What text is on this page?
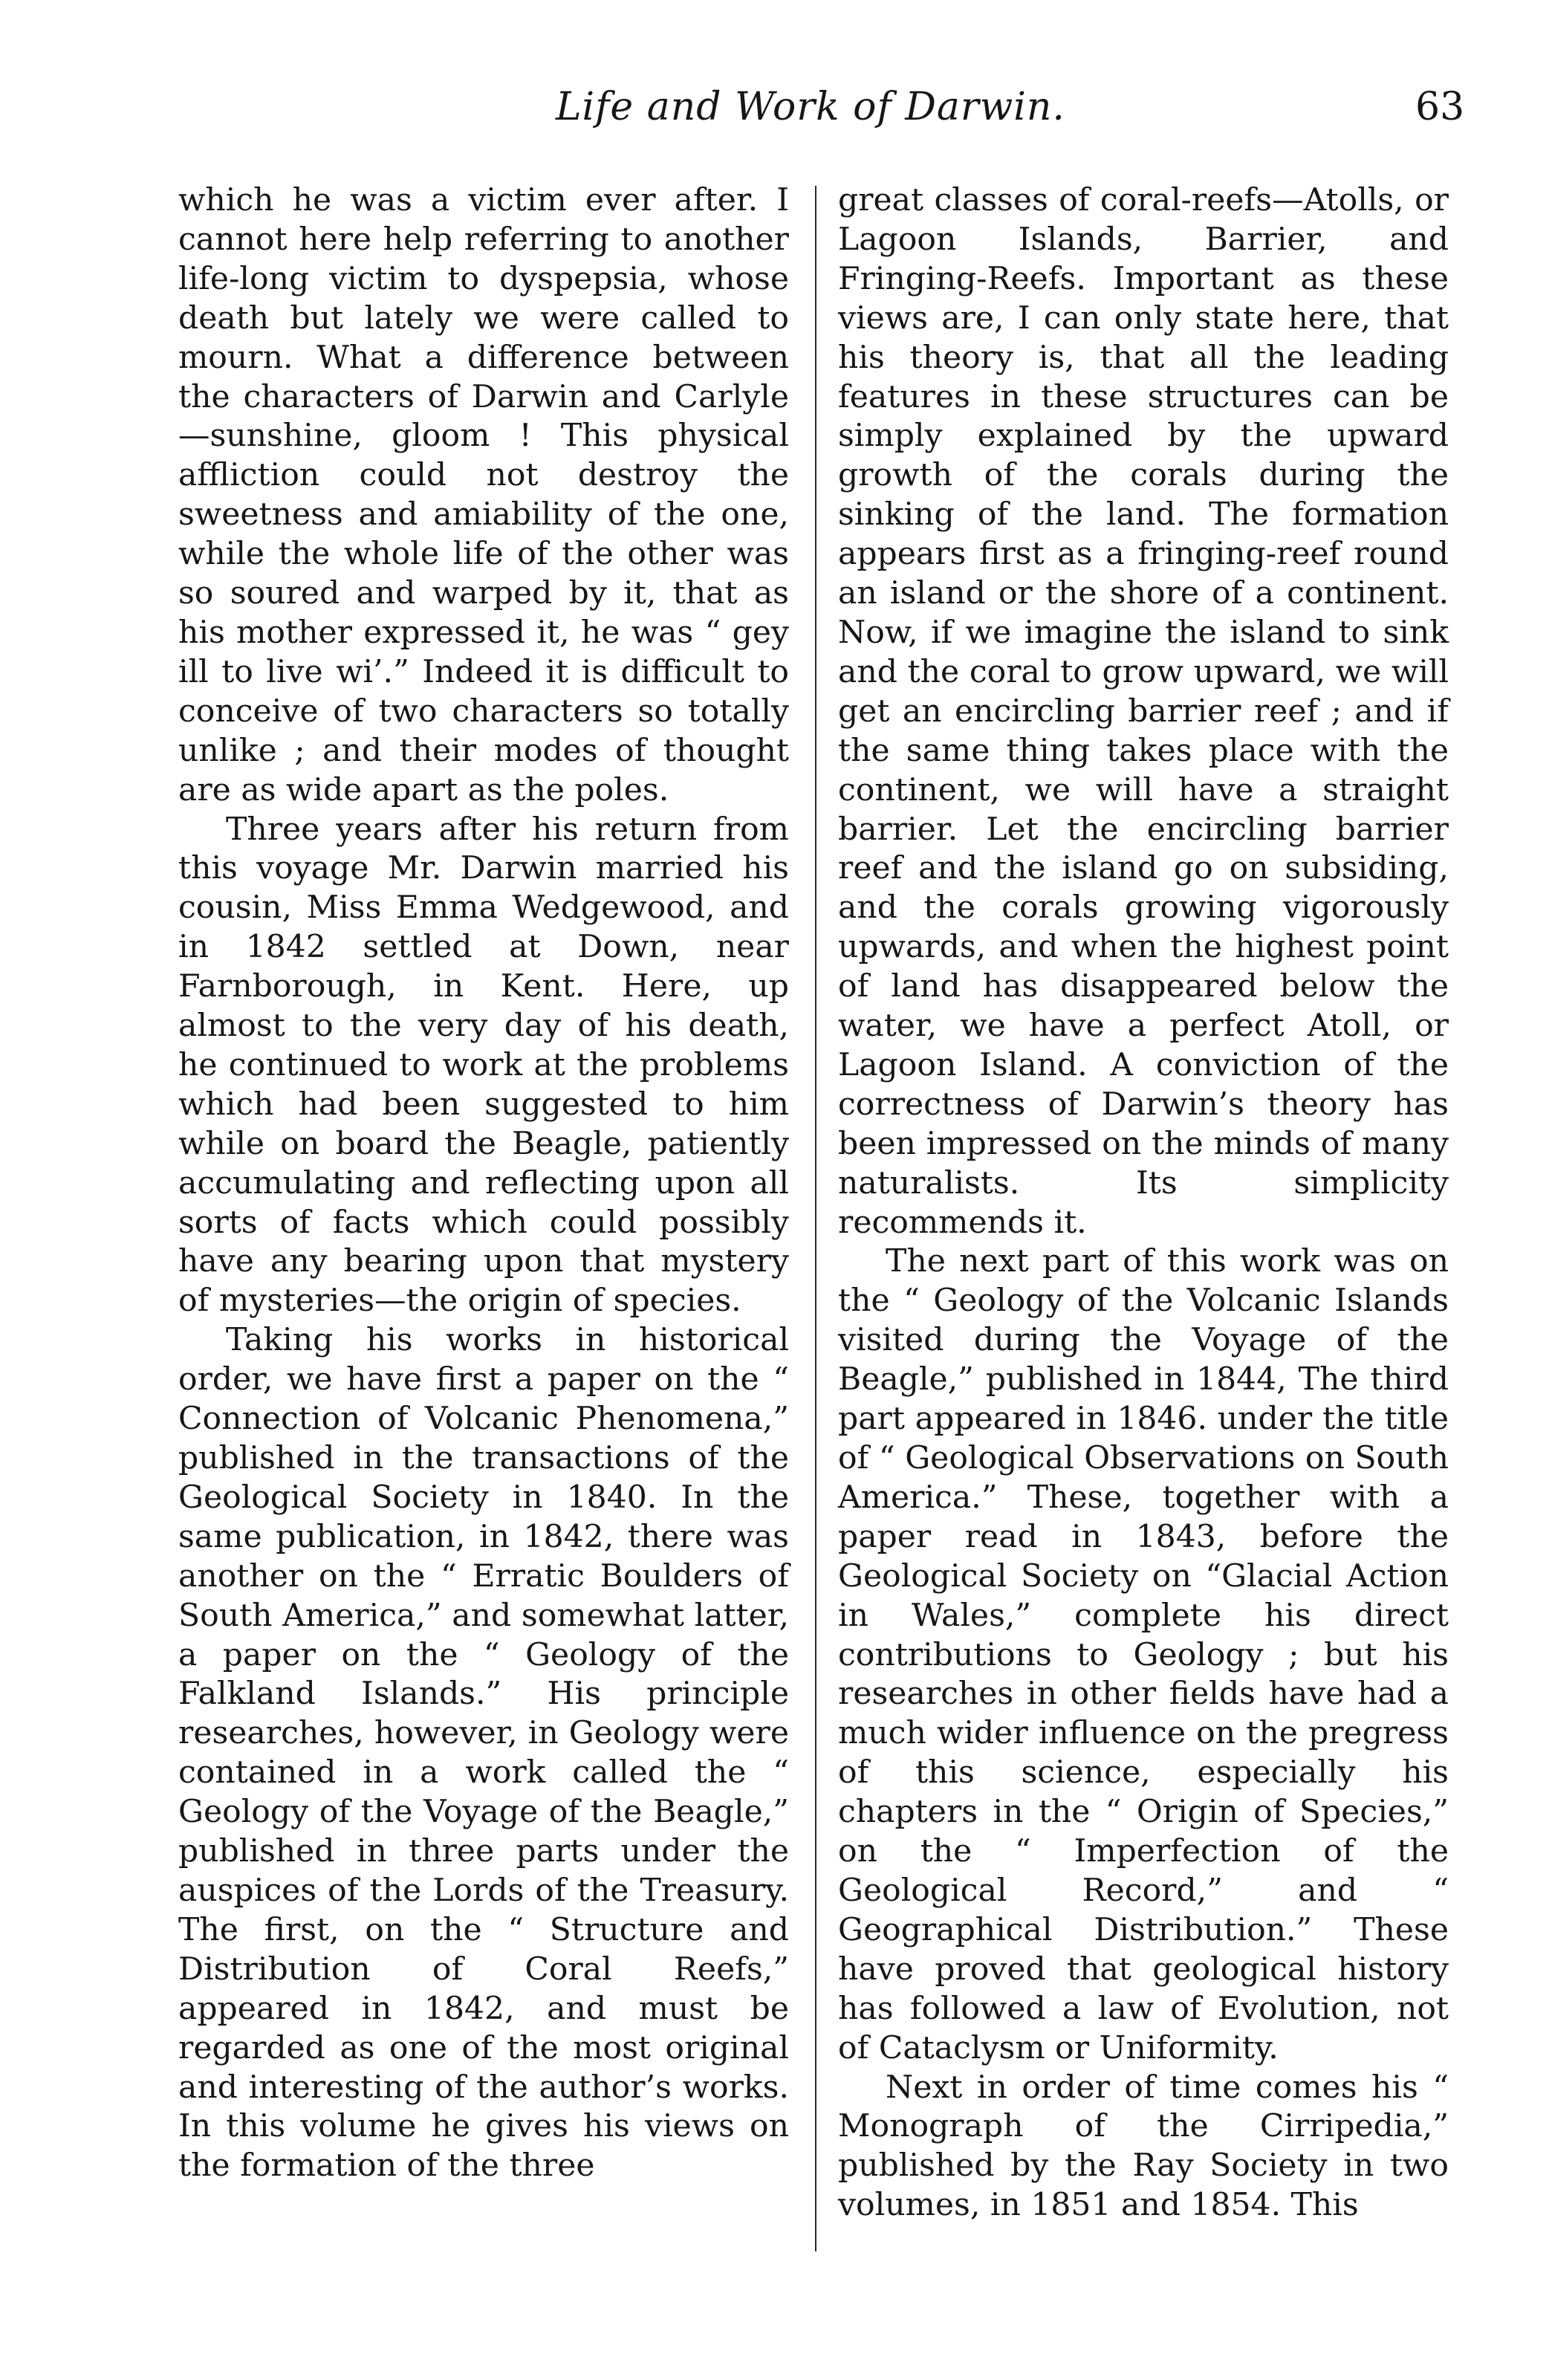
Life and Work of Darwin.	63

which he was a victim ever after. I cannot here help referring to another life-long victim to dyspepsia, whose death but lately we were called to mourn. What a difference between the characters of Darwin and Carlyle —sunshine, gloom ! This physical affliction could not destroy the sweetness and amiability of the one, while the whole life of the other was so soured and warped by it, that as his mother expressed it, he was “ gey ill to live wi’.” Indeed it is difficult to conceive of two characters so totally unlike ; and their modes of thought are as wide apart as the poles.

Three years after his return from this voyage Mr. Darwin married his cousin, Miss Emma Wedgewood, and in 1842 settled at Down, near Farnborough, in Kent. Here, up almost to the very day of his death, he continued to work at the problems which had been suggested to him while on board the Beagle, patiently accumulating and reflecting upon all sorts of facts which could possibly have any bearing upon that mystery of mysteries—the origin of species.

Taking his works in historical order, we have first a paper on the “ Connection of Volcanic Phenomena,” published in the transactions of the Geological Society in 1840. In the same publication, in 1842, there was another on the “ Erratic Boulders of South America,” and somewhat latter, a paper on the “ Geology of the Falkland Islands.” His principle researches, however, in Geology were contained in a work called the “ Geology of the Voyage of the Beagle,” published in three parts under the auspices of the Lords of the Treasury. The first, on the “ Structure and Distribution of Coral Reefs,” appeared in 1842, and must be regarded as one of the most original and interesting of the author’s works. In this volume he gives his views on the formation of the three

great classes of coral-reefs—Atolls, or Lagoon Islands, Barrier, and Fringing-Reefs. Important as these views are, I can only state here, that his theory is, that all the leading features in these structures can be simply explained by the upward growth of the corals during the sinking of the land. The formation appears first as a fringing-reef round an island or the shore of a continent. Now, if we imagine the island to sink and the coral to grow upward, we will get an encircling barrier reef ; and if the same thing takes place with the continent, we will have a straight barrier. Let the encircling barrier reef and the island go on subsiding, and the corals growing vigorously upwards, and when the highest point of land has disappeared below the water, we have a perfect Atoll, or Lagoon Island. A conviction of the correctness of Darwin’s theory has been impressed on the minds of many naturalists. Its simplicity recommends it.

The next part of this work was on the “ Geology of the Volcanic Islands visited during the Voyage of the Beagle,” published in 1844, The third part appeared in 1846. under the title of “ Geological Observations on South America.” These, together with a paper read in 1843, before the Geological Society on “Glacial Action in Wales,” complete his direct contributions to Geology ; but his researches in other fields have had a much wider influence on the pregress of this science, especially his chapters in the “ Origin of Species,” on the “ Imperfection of the Geological Record,” and “ Geographical Distribution.” These have proved that geological history has followed a law of Evolution, not of Cataclysm or Uniformity.

Next in order of time comes his “ Monograph of the Cirripedia,” published by the Ray Society in two volumes, in 1851 and 1854. This
